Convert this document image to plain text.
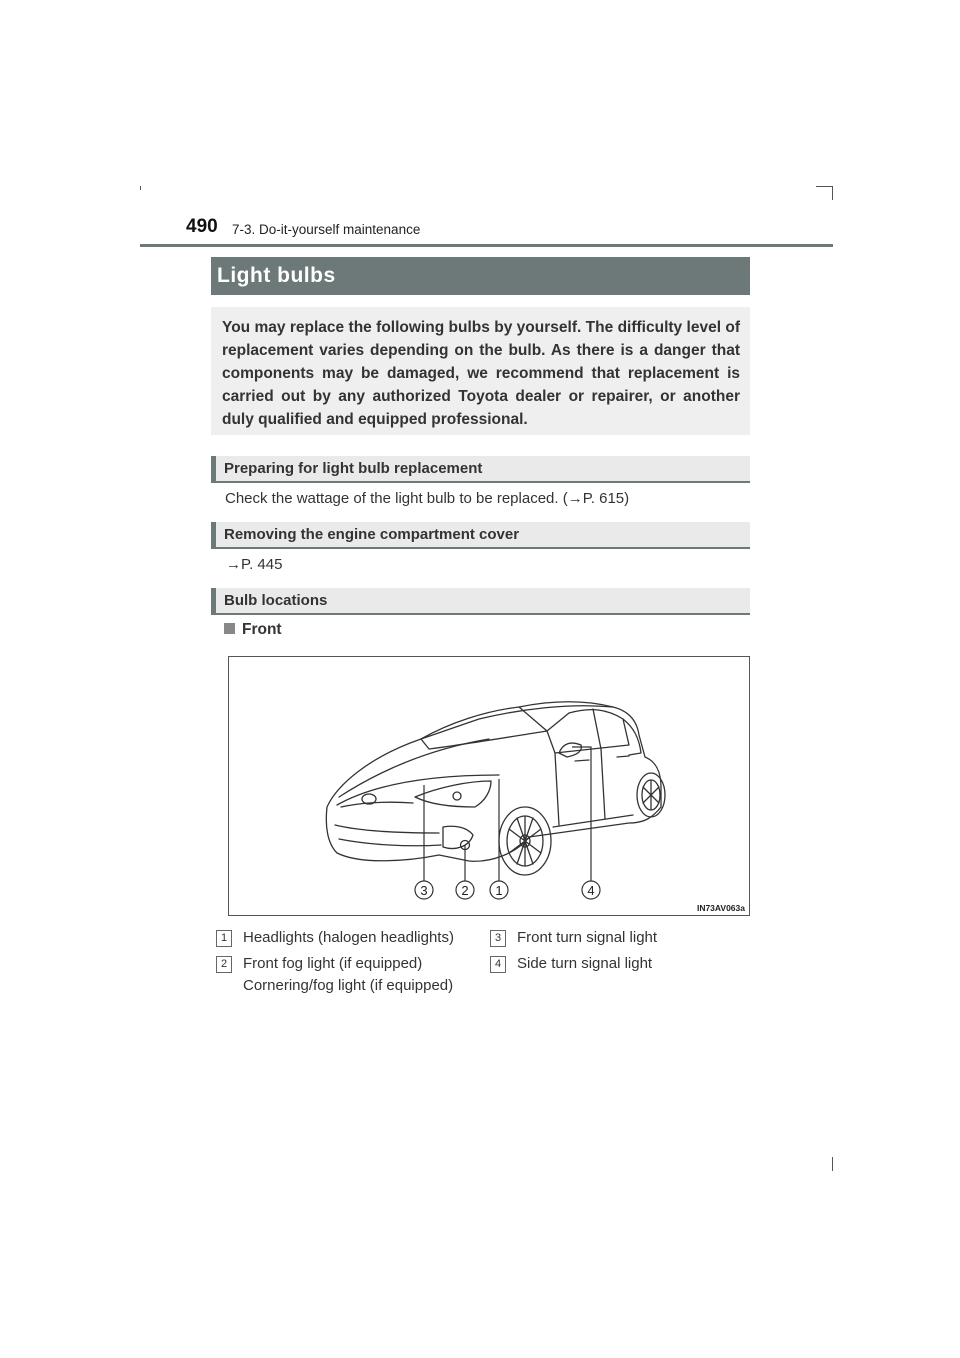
490 7-3. Do-it-yourself maintenance
Light bulbs
You may replace the following bulbs by yourself. The difficulty level of replacement varies depending on the bulb. As there is a danger that components may be damaged, we recommend that replacement is carried out by any authorized Toyota dealer or repairer, or another duly qualified and equipped professional.
Preparing for light bulb replacement
Check the wattage of the light bulb to be replaced. (→P. 615)
Removing the engine compartment cover
→P. 445
Bulb locations
Front
3	2 1	4
IN73AV063a
1	Headlights (halogen headlights)
2	Front fog light (if equipped)
Cornering/fog light (if equipped)
3	Front turn signal light
4	Side turn signal light
